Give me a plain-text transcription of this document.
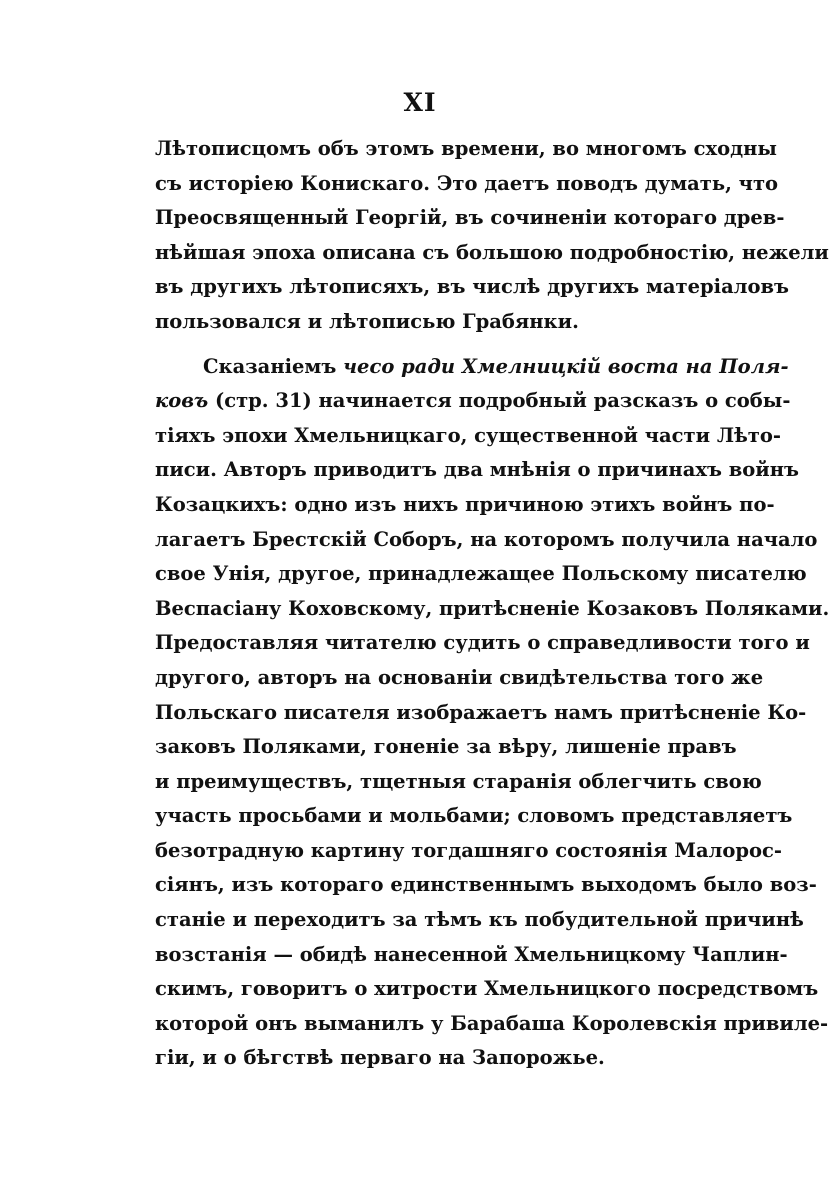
XI
Лѣтописцомъ объ этомъ времени, во многомъ сходны
съ исторіею Конискаго. Это даетъ поводъ думать, что
Преосвященный Георгій, въ сочиненіи котораго древ-
нѣйшая эпоха описана съ большою подробностію, нежели
въ другихъ лѣтописяхъ, въ числѣ другихъ матеріаловъ
пользовался и лѣтописью Грабянки.
Сказаніемъ чесо ради Хмелницкій воста на Поля-
ковъ (стр. 31) начинается подробный разсказъ о собы-
тіяхъ эпохи Хмельницкаго, существенной части Лѣто-
писи. Авторъ приводитъ два мнѣнія о причинахъ войнъ
Козацкихъ: одно изъ нихъ причиною этихъ войнъ по-
лагаетъ Брестскій Соборъ, на которомъ получила начало
свое Унія, другое, принадлежащее Польскому писателю
Веспасіану Коховскому, притѣсненіе Козаковъ Поляками.
Предоставляя читателю судить о справедливости того и
другого, авторъ на основаніи свидѣтельства того же
Польскаго писателя изображаетъ намъ притѣсненіе Ко-
заковъ Поляками, гоненіе за вѣру, лишеніе правъ
и преимуществъ, тщетныя старанія облегчить свою
участь просьбами и мольбами; словомъ представляетъ
безотрадную картину тогдашняго состоянія Малорос-
сіянъ, изъ котораго единственнымъ выходомъ было воз-
станіе и переходитъ за тѣмъ къ побудительной причинѣ
возстанія — обидѣ нанесенной Хмельницкому Чаплин-
скимъ, говоритъ о хитрости Хмельницкого посредствомъ
которой онъ выманилъ у Барабаша Королевскія привиле-
гіи, и о бѣгствѣ перваго на Запорожье.
